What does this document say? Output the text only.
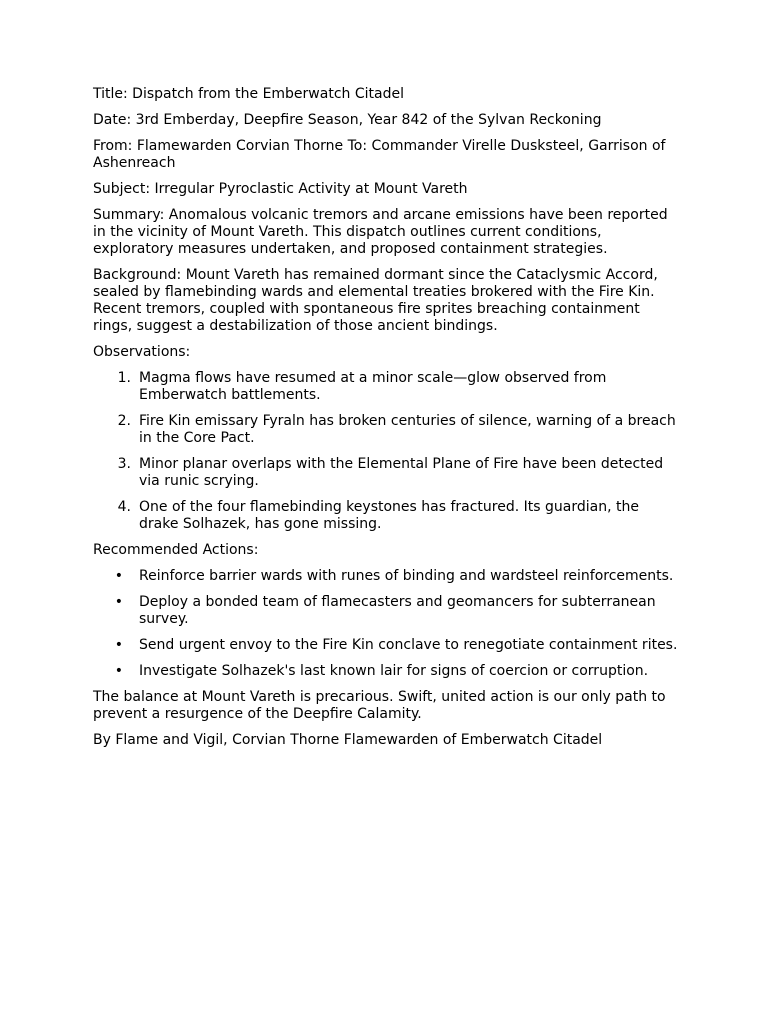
Title: Dispatch from the Emberwatch Citadel

Date: 3rd Emberday, Deepfire Season, Year 842 of the Sylvan Reckoning

From: Flamewarden Corvian Thorne To: Commander Virelle Dusksteel, Garrison of Ashenreach

Subject: Irregular Pyroclastic Activity at Mount Vareth

Summary: Anomalous volcanic tremors and arcane emissions have been reported in the vicinity of Mount Vareth. This dispatch outlines current conditions, exploratory measures undertaken, and proposed containment strategies.

Background: Mount Vareth has remained dormant since the Cataclysmic Accord, sealed by flamebinding wards and elemental treaties brokered with the Fire Kin. Recent tremors, coupled with spontaneous fire sprites breaching containment rings, suggest a destabilization of those ancient bindings.

Observations:

1. Magma flows have resumed at a minor scale—glow observed from Emberwatch battlements.
2. Fire Kin emissary Fyraln has broken centuries of silence, warning of a breach in the Core Pact.
3. Minor planar overlaps with the Elemental Plane of Fire have been detected via runic scrying.
4. One of the four flamebinding keystones has fractured. Its guardian, the drake Solhazek, has gone missing.

Recommended Actions:

• Reinforce barrier wards with runes of binding and wardsteel reinforcements.
• Deploy a bonded team of flamecasters and geomancers for subterranean survey.
• Send urgent envoy to the Fire Kin conclave to renegotiate containment rites.
• Investigate Solhazek's last known lair for signs of coercion or corruption.

The balance at Mount Vareth is precarious. Swift, united action is our only path to prevent a resurgence of the Deepfire Calamity.

By Flame and Vigil, Corvian Thorne Flamewarden of Emberwatch Citadel
